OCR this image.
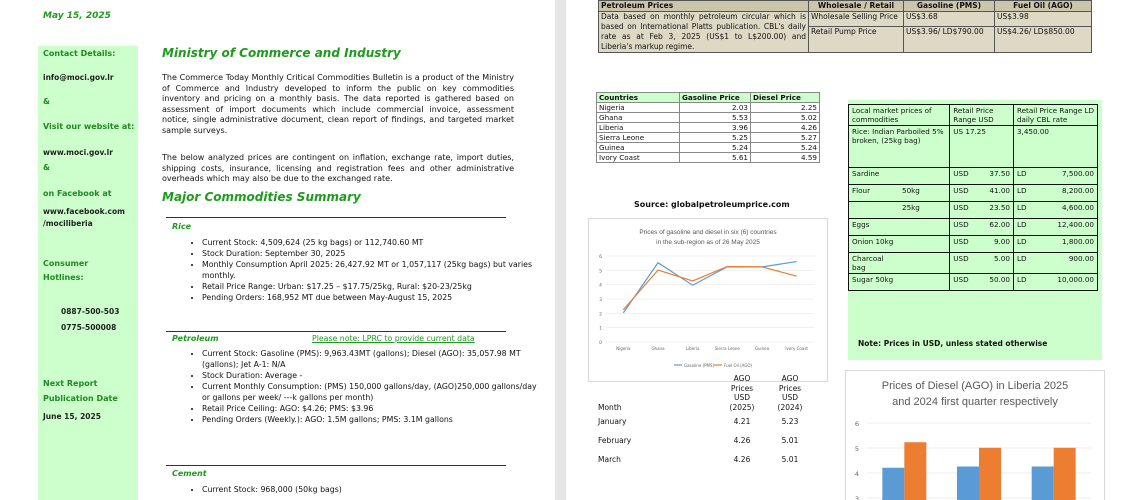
May 15, 2025
Contact Details:
info@moci.gov.lr
&
Visit our website at:
www.moci.gov.lr
&
on Facebook at
www.facebook.com /mociliberia
Consumer Hotlines:
0887-500-503
0775-500008
Next Report Publication Date
June 15, 2025
Ministry of Commerce and Industry
The Commerce Today Monthly Critical Commodities Bulletin is a product of the Ministry of Commerce and Industry developed to inform the public on key commodities inventory and pricing on a monthly basis. The data reported is gathered based on assessment of import documents which include commercial invoice, assessment notice, single administrative document, clean report of findings, and targeted market sample surveys.
The below analyzed prices are contingent on inflation, exchange rate, import duties, shipping costs, insurance, licensing and registration fees and other administrative overheads which may also be due to the exchanged rate.
Major Commodities Summary
Rice
• Current Stock: 4,509,624 (25 kg bags) or 112,740.60 MT
• Stock Duration: September 30, 2025
• Monthly Consumption April 2025: 26,427.92 MT or 1,057,117 (25kg bags) but varies monthly.
• Retail Price Range: Urban: $17.25 – $17.75/25kg, Rural: $20-23/25kg
• Pending Orders: 168,952 MT due between May-August 15, 2025
Petroleum	Please note: LPRC to provide current data
• Current Stock: Gasoline (PMS): 9,963.43MT (gallons); Diesel (AGO): 35,057.98 MT (gallons); Jet A-1: N/A
• Stock Duration: Average -
• Current Monthly Consumption: (PMS) 150,000 gallons/day, (AGO)250,000 gallons/day or gallons per week/ ---k gallons per month)
• Retail Price Ceiling: AGO: $4.26; PMS: $3.96
• Pending Orders (Weekly.): AGO: 1.5M gallons; PMS: 3.1M gallons
Cement
• Current Stock: 968,000 (50kg bags)
Petroleum Prices	Wholesale / Retail	Gasoline (PMS)	Fuel Oil (AGO)
Data based on monthly petroleum circular which is based on International Platts publication. CBL's daily rate as at Feb 3, 2025 (US$1 to L$200.00) and Liberia's markup regime.	Wholesale Selling Price	US$3.68	US$3.98
	Retail Pump Price	US$3.96/ LD$790.00	US$4.26/ LD$850.00
Countries	Gasoline Price	Diesel Price
Nigeria	2.03	2.25
Ghana	5.53	5.02
Liberia	3.96	4.26
Sierra Leone	5.25	5.27
Guinea	5.24	5.24
Ivory Coast	5.61	4.59
Source: globalpetroleumprice.com
Local market prices of commodities		Retail Price Range USD		Retail Price Range LD daily CBL rate	
Rice: Indian Parboiled 5% broken, (25kg bag)		US 17.25		3,450.00	
Sardine		USD	37.50	LD	7,500.00
Flour	50kg	USD	41.00	LD	8,200.00
	25kg	USD	23.50	LD	4,600.00
Eggs		USD	62.00	LD	12,400.00
Onion 10kg		USD	9.00	LD	1,800.00
Charcoal bag		USD	5.00	LD	900.00
Sugar 50kg		USD	50.00	LD	10,000.00
Note: Prices in USD, unless stated otherwise
Prices of gasoline and diesel in six (6) countries
in the sub-region as of 26 May 2025
0
1
2
3
4
5
6
Nigeria	Ghana	Liberia	Sierra Leone	Guinea	Ivory Coast
Gasoline (PMS) Fuel Oil (AGO)
Month	AGO Prices USD (2025)	AGO Prices USD (2024)
January	4.21	5.23
February	4.26	5.01
March	4.26	5.01
Prices of Diesel (AGO) in Liberia 2025
and 2024 first quarter respectively
3
4
5
6
